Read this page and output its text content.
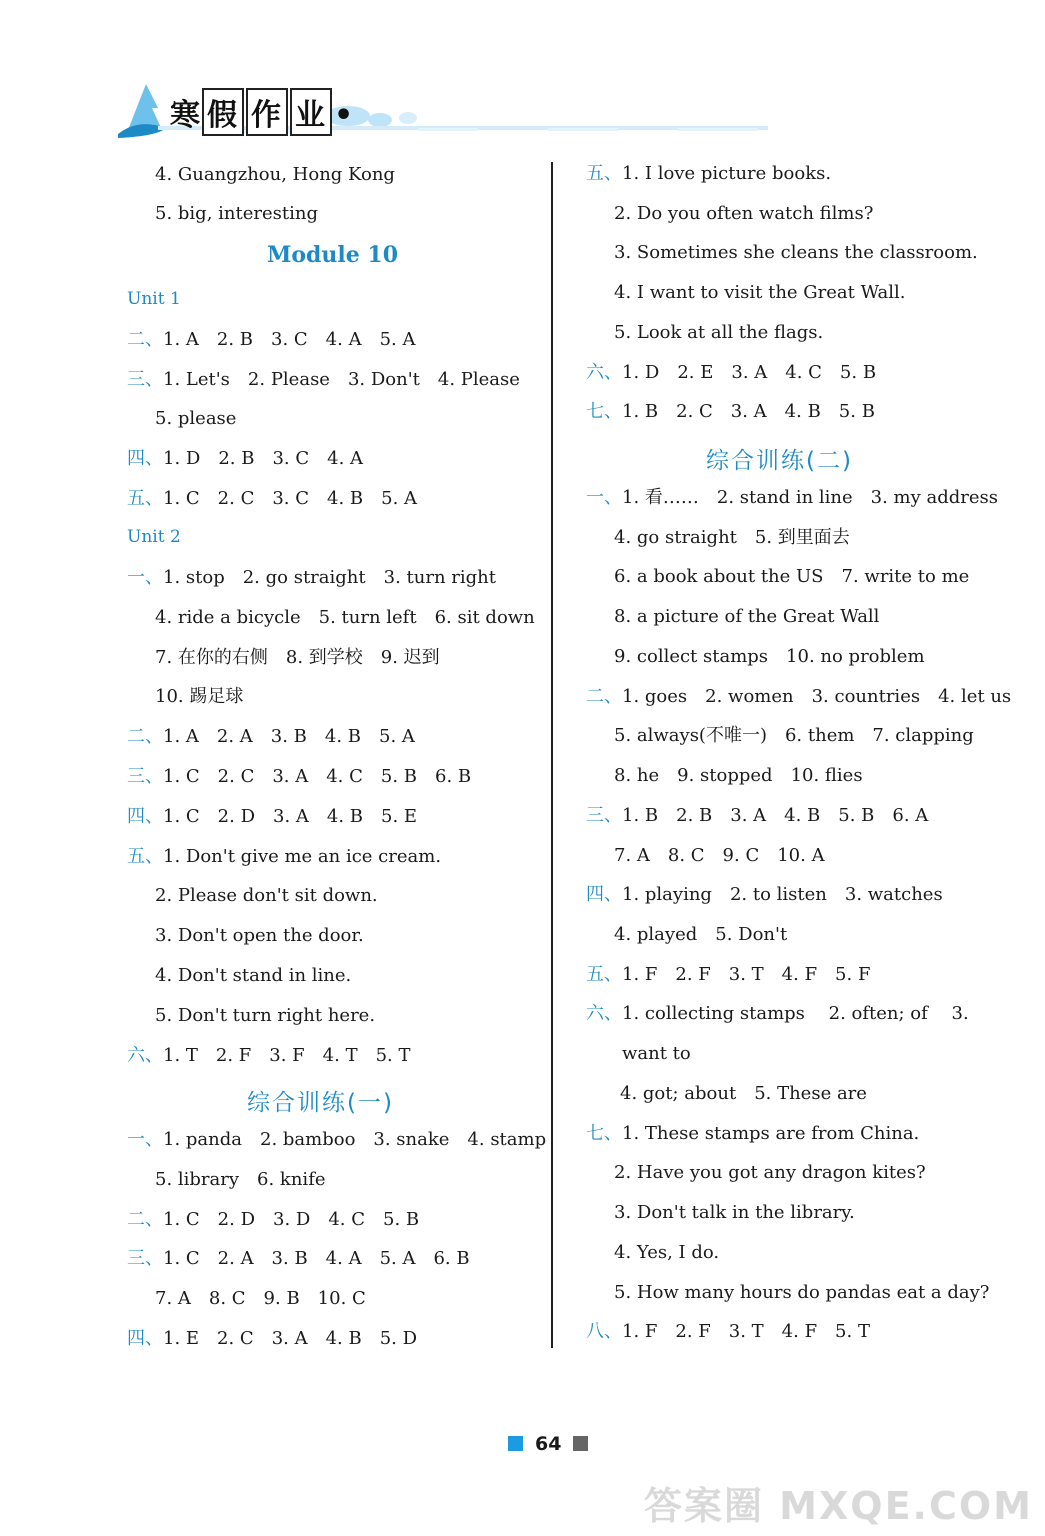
寒 假 作 业 •
64
答案圈 MXQE.COM
4. Guangzhou, Hong Kong
5. big, interesting
Module 10
Unit 1
二、1. A　2. B　3. C　4. A　5. A
三、1. Let's　2. Please　3. Don't　4. Please
5. please
四、1. D　2. B　3. C　4. A
五、1. C　2. C　3. C　4. B　5. A
Unit 2
一、1. stop　2. go straight　3. turn right
4. ride a bicycle　5. turn left　6. sit down
7. 在你的右侧　8. 到学校　9. 迟到
10. 踢足球
二、1. A　2. A　3. B　4. B　5. A
三、1. C　2. C　3. A　4. C　5. B　6. B
四、1. C　2. D　3. A　4. B　5. E
五、1. Don't give me an ice cream.
2. Please don't sit down.
3. Don't open the door.
4. Don't stand in line.
5. Don't turn right here.
六、1. T　2. F　3. F　4. T　5. T
综合训练(一)
一、1. panda　2. bamboo　3. snake　4. stamp
5. library　6. knife
二、1. C　2. D　3. D　4. C　5. B
三、1. C　2. A　3. B　4. A　5. A　6. B
7. A　8. C　9. B　10. C
四、1. E　2. C　3. A　4. B　5. D
五、1. I love picture books.
2. Do you often watch films?
3. Sometimes she cleans the classroom.
4. I want to visit the Great Wall.
5. Look at all the flags.
六、1. D　2. E　3. A　4. C　5. B
七、1. B　2. C　3. A　4. B　5. B
综合训练(二)
一、1. 看……　2. stand in line　3. my address
4. go straight　5. 到里面去
6. a book about the US　7. write to me
8. a picture of the Great Wall
9. collect stamps　10. no problem
二、1. goes　2. women　3. countries　4. let us
5. always(不唯一)　6. them　7. clapping
8. he　9. stopped　10. flies
三、1. B　2. B　3. A　4. B　5. B　6. A
7. A　8. C　9. C　10. A
四、1. playing　2. to listen　3. watches
4. played　5. Don't
五、1. F　2. F　3. T　4. F　5. F
六、1. collecting stamps　 2. often; of　 3.
want to
4. got; about　5. These are
七、1. These stamps are from China.
2. Have you got any dragon kites?
3. Don't talk in the library.
4. Yes, I do.
5. How many hours do pandas eat a day?
八、1. F　2. F　3. T　4. F　5. T
